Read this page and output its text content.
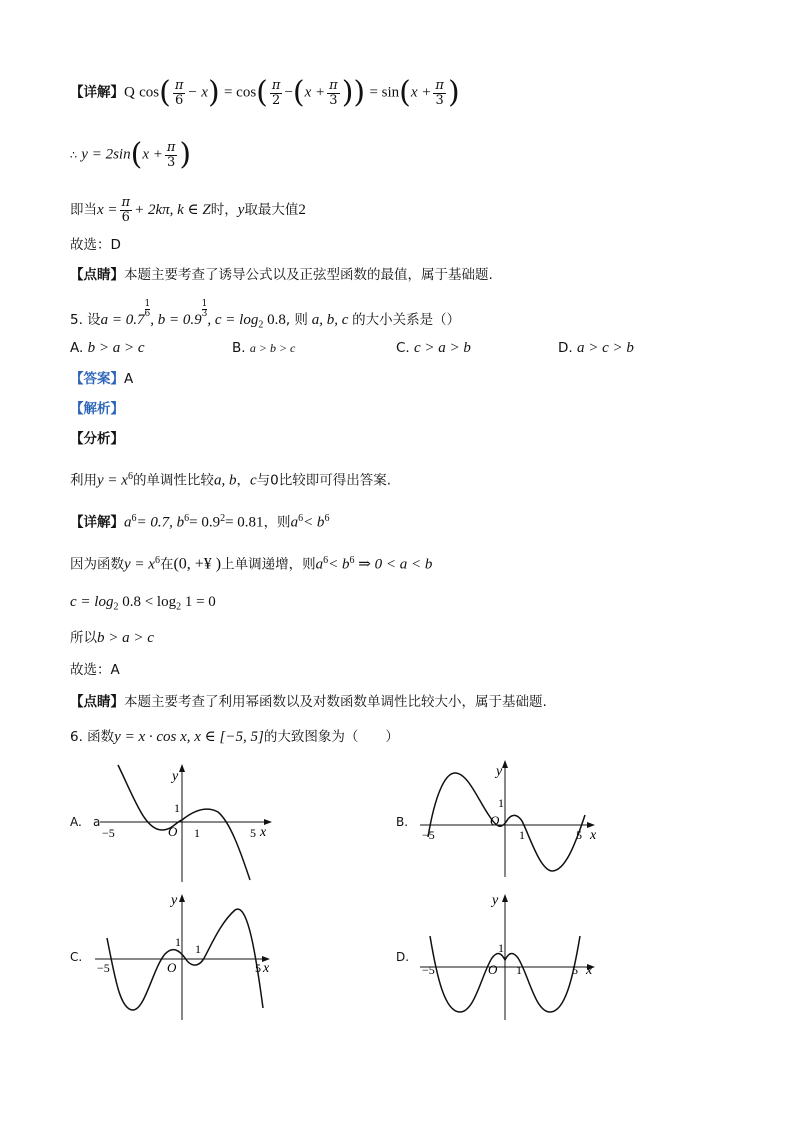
【详解】Q $\cos( \frac{\pi}{6} - x) = \cos( \frac{\pi}{2} -(x + \frac{\pi}{3}$ )) = $\sin(x + \frac{\pi}{3}$ )
∴ $y = 2\sin(x + \frac{\pi}{3}$ )
即当$x = \frac{\pi}{6} + 2k\pi$, k ∈ Z时，y取最大值2
故选：D
【点睛】本题主要考查了诱导公式以及正弦型函数的最值，属于基础题.
5. 设a = 0.7
$\frac{1}{6}$
, b = 0.9
$\frac{1}{3}$
, $c = \log_2 0.8$, 则 a, b, c 的大小关系是（）
A. b > a > c	B. a > b > c	C. c > a > b	D. a > c > b
【答案】A
【解析】
【分析】
利用$y = x^6$的单调性比较a, b，c与0比较即可得出答案.
【详解】$a^6= 0.7$, $b^6= 0.9^2= 0.81$，则$a^6< b^6$
因为函数$y = x^6$在(0, +¥ )上单调递增，则$a^6< b^6$ ⇒ 0 < a < b
$c = \log_2 0.8 < \log_2 1 = 0$
所以b > a > c
故选：A
【点睛】本题主要考查了利用幂函数以及对数函数单调性比较大小，属于基础题.
6. 函数y = x · cos x, x ∈ [−5, 5]的大致图象为（　　）
A. a
y
x
O 1
1
−5	5
B.
y
x
O
1
1
−5	5
C.
y
x
O
1
1
−5	5
D.
y
x
O 1
1
−5	5
